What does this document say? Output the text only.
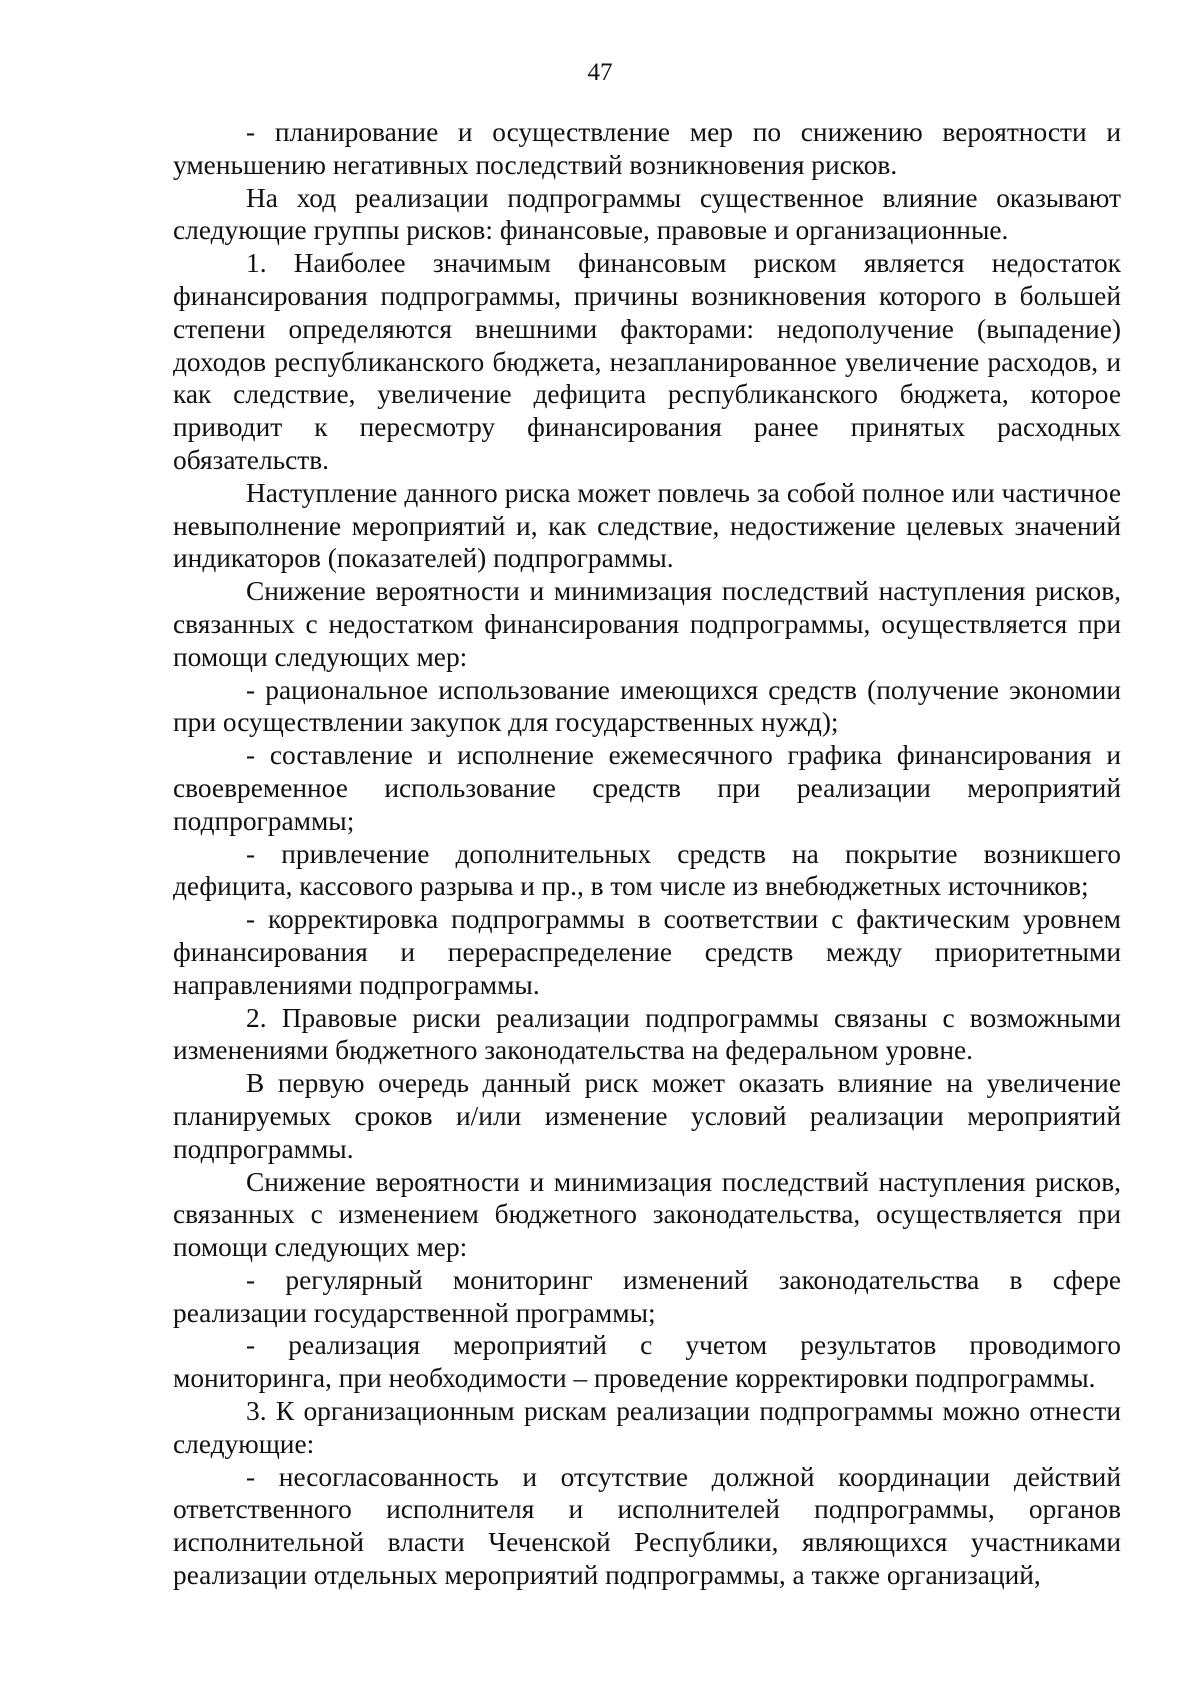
47

- планирование и осуществление мер по снижению вероятности и уменьшению негативных последствий возникновения рисков.

На ход реализации подпрограммы существенное влияние оказывают следующие группы рисков: финансовые, правовые и организационные.

1. Наиболее значимым финансовым риском является недостаток финансирования подпрограммы, причины возникновения которого в большей степени определяются внешними факторами: недополучение (выпадение) доходов республиканского бюджета, незапланированное увеличение расходов, и как следствие, увеличение дефицита республиканского бюджета, которое приводит к пересмотру финансирования ранее принятых расходных обязательств.

Наступление данного риска может повлечь за собой полное или частичное невыполнение мероприятий и, как следствие, недостижение целевых значений индикаторов (показателей) подпрограммы.

Снижение вероятности и минимизация последствий наступления рисков, связанных с недостатком финансирования подпрограммы, осуществляется при помощи следующих мер:

- рациональное использование имеющихся средств (получение экономии при осуществлении закупок для государственных нужд);

- составление и исполнение ежемесячного графика финансирования и своевременное использование средств при реализации мероприятий подпрограммы;

- привлечение дополнительных средств на покрытие возникшего дефицита, кассового разрыва и пр., в том числе из внебюджетных источников;

- корректировка подпрограммы в соответствии с фактическим уровнем финансирования и перераспределение средств между приоритетными направлениями подпрограммы.

2. Правовые риски реализации подпрограммы связаны с возможными изменениями бюджетного законодательства на федеральном уровне.

В первую очередь данный риск может оказать влияние на увеличение планируемых сроков и/или изменение условий реализации мероприятий подпрограммы.

Снижение вероятности и минимизация последствий наступления рисков, связанных с изменением бюджетного законодательства, осуществляется при помощи следующих мер:

- регулярный мониторинг изменений законодательства в сфере реализации государственной программы;

- реализация мероприятий с учетом результатов проводимого мониторинга, при необходимости – проведение корректировки подпрограммы.

3. К организационным рискам реализации подпрограммы можно отнести следующие:

- несогласованность и отсутствие должной координации действий ответственного исполнителя и исполнителей подпрограммы, органов исполнительной власти Чеченской Республики, являющихся участниками реализации отдельных мероприятий подпрограммы, а также организаций,
